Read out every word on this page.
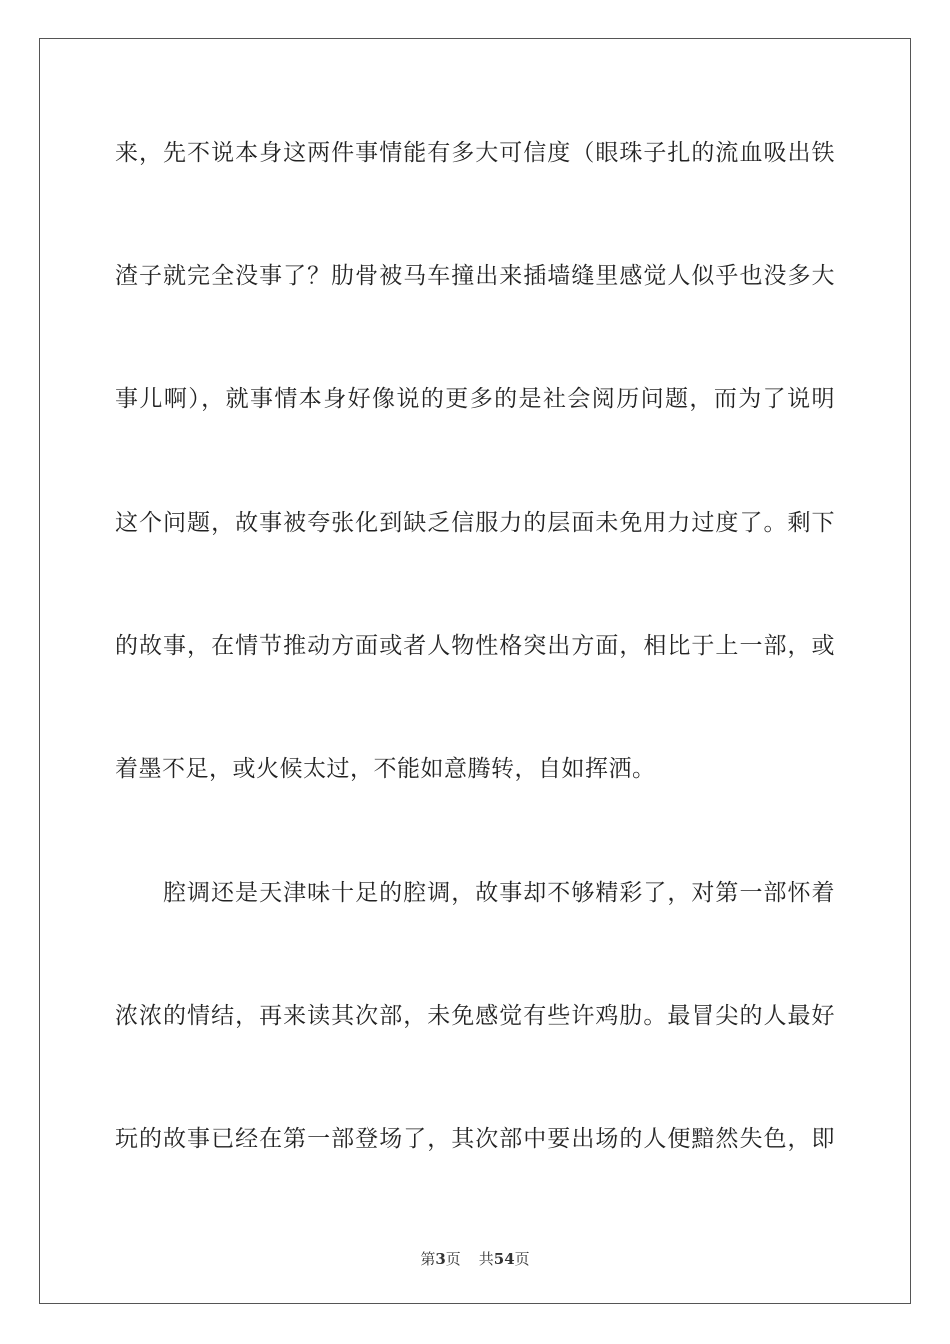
来，先不说本身这两件事情能有多大可信度（眼珠子扎的流血吸出铁
渣子就完全没事了？肋骨被马车撞出来插墙缝里感觉人似乎也没多大
事儿啊），就事情本身好像说的更多的是社会阅历问题，而为了说明
这个问题，故事被夸张化到缺乏信服力的层面未免用力过度了。剩下
的故事，在情节推动方面或者人物性格突出方面，相比于上一部，或
着墨不足，或火候太过，不能如意腾转，自如挥洒。
腔调还是天津味十足的腔调，故事却不够精彩了，对第一部怀着
浓浓的情结，再来读其次部，未免感觉有些许鸡肋。最冒尖的人最好
玩的故事已经在第一部登场了，其次部中要出场的人便黯然失色，即
第3页 共54页
